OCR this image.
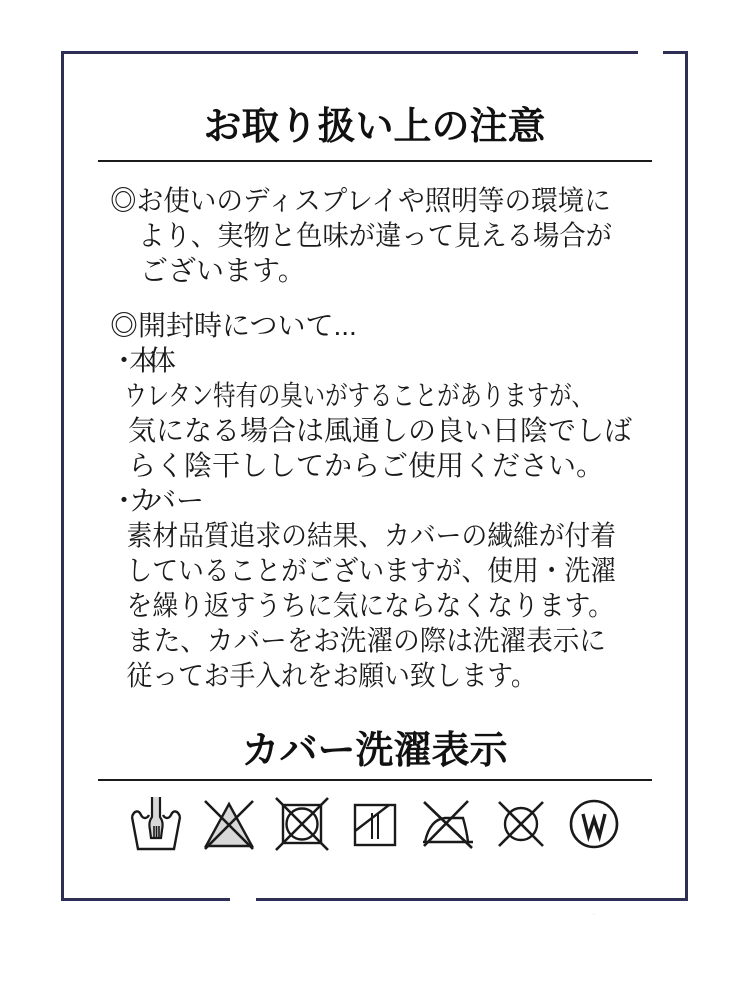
お取り扱い上の注意
◎お使いのディスプレイや照明等の環境に
より、実物と色味が違って見える場合が
ございます。
◎開封時について...
・本体
ウレタン特有の臭いがすることがありますが、
気になる場合は風通しの良い日陰でしば
らく陰干ししてからご使用ください。
・カバー
素材品質追求の結果、カバーの繊維が付着
していることがございますが、使用・洗濯
を繰り返すうちに気にならなくなります。
また、カバーをお洗濯の際は洗濯表示に
従ってお手入れをお願い致します。
カバー洗濯表示
W
